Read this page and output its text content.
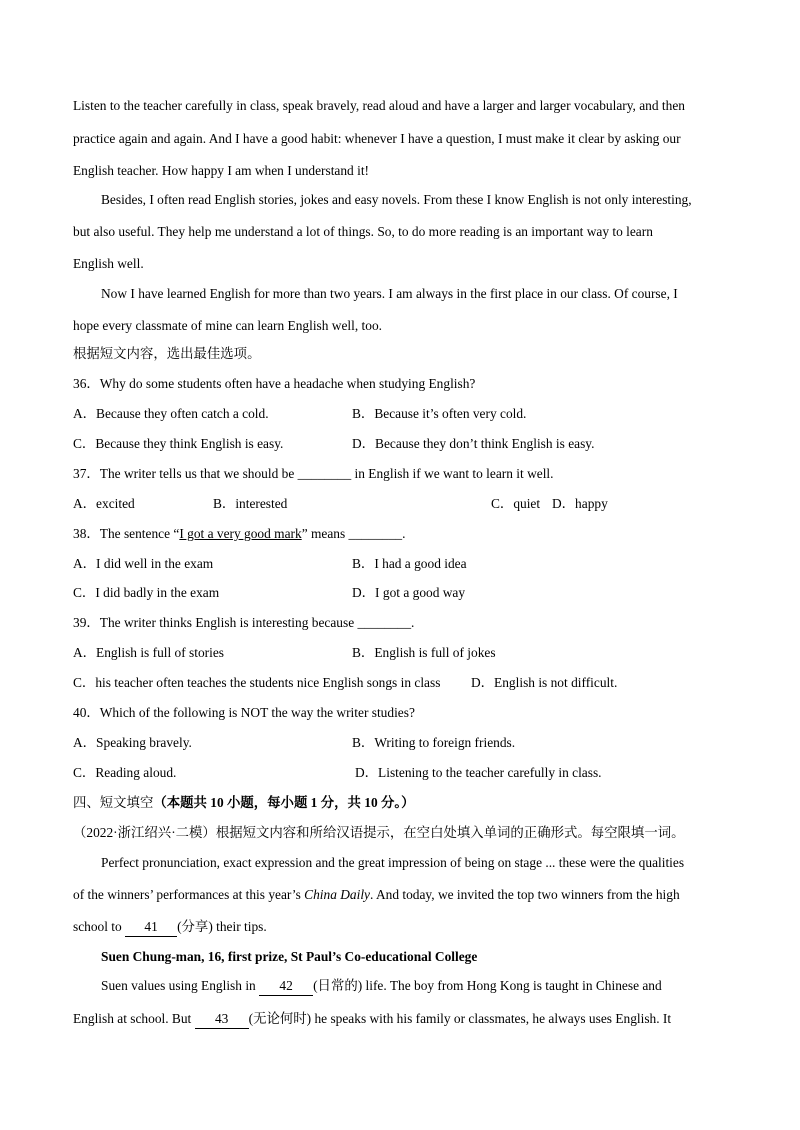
Listen to the teacher carefully in class, speak bravely, read aloud and have a larger and larger vocabulary, and then
practice again and again. And I have a good habit: whenever I have a question, I must make it clear by asking our
English teacher. How happy I am when I understand it!
Besides, I often read English stories, jokes and easy novels. From these I know English is not only interesting,
but also useful. They help me understand a lot of things. So, to do more reading is an important way to learn
English well.
Now I have learned English for more than two years. I am always in the first place in our class. Of course, I
hope every classmate of mine can learn English well, too.
根据短文内容，选出最佳选项。
36．Why do some students often have a headache when studying English?
A．Because they often catch a cold.	B．Because it’s often very cold.
C．Because they think English is easy.	D．Because they don’t think English is easy.
37．The writer tells us that we should be ________ in English if we want to learn it well.
A．excited	B．interested	C．quiet D．happy
38．The sentence “I got a very good mark” means ________.
A．I did well in the exam	B．I had a good idea
C．I did badly in the exam	D．I got a good way
39．The writer thinks English is interesting because ________.
A．English is full of stories	B．English is full of jokes
C．his teacher often teaches the students nice English songs in class D．English is not difficult.
40．Which of the following is NOT the way the writer studies?
A．Speaking bravely.	B．Writing to foreign friends.
C．Reading aloud.	D．Listening to the teacher carefully in class.
四、短文填空（本题共 10 小题，每小题 1 分，共 10 分。）
（2022·浙江绍兴·二模）根据短文内容和所给汉语提示，在空白处填入单词的正确形式。每空限填一词。
Perfect pronunciation, exact expression and the great impression of being on stage ... these were the qualities
of the winners’ performances at this year’s China Daily. And today, we invited the top two winners from the high
school to 41 (分享) their tips.
Suen Chung-man, 16, first prize, St Paul’s Co-educational College
Suen values using English in 42 (日常的) life. The boy from Hong Kong is taught in Chinese and
English at school. But 43 (无论何时) he speaks with his family or classmates, he always uses English. It
